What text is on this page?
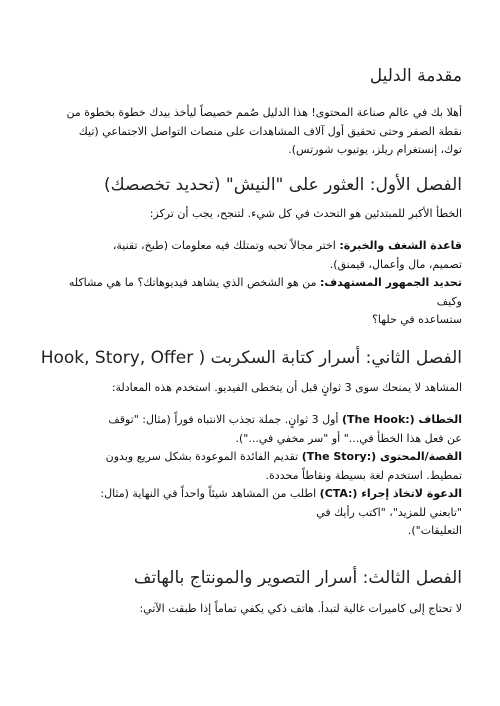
مقدمة الدليل
أهلا بك في عالم صناعة المحتوى! هذا الدليل صُمم خصيصاً ليأخذ بيدك خطوة بخطوة من
نقطة الصفر وحتى تحقيق أول آلاف المشاهدات على منصات التواصل الاجتماعي (تيك
توك، إنستغرام ريلز، يوتيوب شورتس).
الفصل الأول: العثور على "النيش" (تحديد تخصصك)
الخطأ الأكبر للمبتدئين هو التحدث في كل شيء. لتنجح، يجب أن تركز:
قاعدة الشغف والخبرة: اختر مجالاً تحبه وتمتلك فيه معلومات (طبخ، تقنية،
تصميم، مال وأعمال، قيمنق).
تحديد الجمهور المستهدف: من هو الشخص الذي يشاهد فيديوهاتك؟ ما هي مشاكله
وكيف
ستساعده في حلها؟
الفصل الثاني: أسرار كتابة السكربت ( Hook, Story, Offer
المشاهد لا يمنحك سوى 3 ثوانٍ قبل أن يتخطى الفيديو. استخدم هذه المعادلة:
الخطاف (:The Hook) أول 3 ثوانٍ. جملة تجذب الانتباه فوراً (مثال: "توقف
عن فعل هذا الخطأ في..." أو "سر مخفي في...").
القصة/المحتوى (:The Story) تقديم الفائدة الموعودة بشكل سريع وبدون
تمطيط. استخدم لغة بسيطة ونقاطاً محددة.
الدعوة لاتخاذ إجراء (:CTA) اطلب من المشاهد شيئاً واحداً في النهاية (مثال:
"تابعني للمزيد"، "اكتب رأيك في
التعليقات").
الفصل الثالث: أسرار التصوير والمونتاج بالهاتف
لا تحتاج إلى كاميرات غالية لتبدأ. هاتف ذكي يكفي تماماً إذا طبقت الآتي:
